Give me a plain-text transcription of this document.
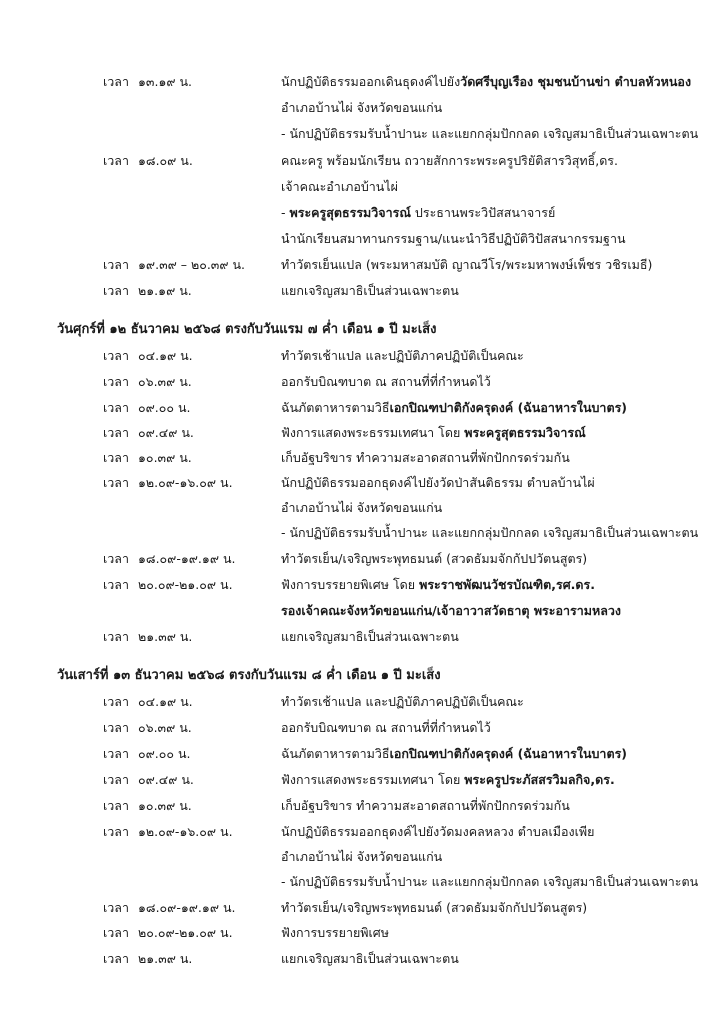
เวลา ๑๓.๑๙ น.	นักปฏิบัติธรรมออกเดินธุดงค์ไปยังวัดศรีบุญเรือง ชุมชนบ้านข่า ตำบลหัวหนอง
อำเภอบ้านไผ่ จังหวัดขอนแก่น
- นักปฏิบัติธรรมรับน้ำปานะ และแยกกลุ่มปักกลด เจริญสมาธิเป็นส่วนเฉพาะตน
เวลา ๑๘.๐๙ น.	คณะครู พร้อมนักเรียน ถวายสักการะพระครูปริยัติสารวิสุทธิ์,ดร.
เจ้าคณะอำเภอบ้านไผ่
- พระครูสุตธรรมวิจารณ์ ประธานพระวิปัสสนาจารย์
นำนักเรียนสมาทานกรรมฐาน/แนะนำวิธีปฏิบัติวิปัสสนากรรมฐาน
เวลา ๑๙.๓๙ – ๒๐.๓๙ น.	ทำวัตรเย็นแปล (พระมหาสมบัติ ญาณวีโร/พระมหาพงษ์เพ็ชร วชิรเมธี)
เวลา ๒๑.๑๙ น.	แยกเจริญสมาธิเป็นส่วนเฉพาะตน
วันศุกร์ที่ ๑๒ ธันวาคม ๒๕๖๘ ตรงกับวันแรม ๗ ค่ำ เดือน ๑ ปี มะเส็ง
เวลา ๐๔.๑๙ น.	ทำวัตรเช้าแปล และปฏิบัติภาคปฏิบัติเป็นคณะ
เวลา ๐๖.๓๙ น.	ออกรับบิณฑบาต ณ สถานที่ที่กำหนดไว้
เวลา ๐๙.๐๐ น.	ฉันภัตตาหารตามวิธีเอกปิณฑปาติกังครุดงค์ (ฉันอาหารในบาตร)
เวลา ๐๙.๔๙ น.	ฟังการแสดงพระธรรมเทศนา โดย พระครูสุตธรรมวิจารณ์
เวลา ๑๐.๓๙ น.	เก็บอัฐบริขาร ทำความสะอาดสถานที่พักปักกรดร่วมกัน
เวลา ๑๒.๐๙-๑๖.๐๙ น.	นักปฏิบัติธรรมออกธุดงค์ไปยังวัดป่าสันติธรรม ตำบลบ้านไผ่
อำเภอบ้านไผ่ จังหวัดขอนแก่น
- นักปฏิบัติธรรมรับน้ำปานะ และแยกกลุ่มปักกลด เจริญสมาธิเป็นส่วนเฉพาะตน
เวลา ๑๘.๐๙-๑๙.๑๙ น.	ทำวัตรเย็น/เจริญพระพุทธมนต์ (สวดธัมมจักกัปปวัตนสูตร)
เวลา ๒๐.๐๙-๒๑.๐๙ น.	ฟังการบรรยายพิเศษ โดย พระราชพัฒนวัชรบัณฑิต,รศ.ดร.
รองเจ้าคณะจังหวัดขอนแก่น/เจ้าอาวาสวัดธาตุ พระอารามหลวง
เวลา ๒๑.๓๙ น.	แยกเจริญสมาธิเป็นส่วนเฉพาะตน
วันเสาร์ที่ ๑๓ ธันวาคม ๒๕๖๘ ตรงกับวันแรม ๘ ค่ำ เดือน ๑ ปี มะเส็ง
เวลา ๐๔.๑๙ น.	ทำวัตรเช้าแปล และปฏิบัติภาคปฏิบัติเป็นคณะ
เวลา ๐๖.๓๙ น.	ออกรับบิณฑบาต ณ สถานที่ที่กำหนดไว้
เวลา ๐๙.๐๐ น.	ฉันภัตตาหารตามวิธีเอกปิณฑปาติกังครุดงค์ (ฉันอาหารในบาตร)
เวลา ๐๙.๔๙ น.	ฟังการแสดงพระธรรมเทศนา โดย พระครูประภัสสรวิมลกิจ,ดร.
เวลา ๑๐.๓๙ น.	เก็บอัฐบริขาร ทำความสะอาดสถานที่พักปักกรดร่วมกัน
เวลา ๑๒.๐๙-๑๖.๐๙ น.	นักปฏิบัติธรรมออกธุดงค์ไปยังวัดมงคลหลวง ตำบลเมืองเพีย
อำเภอบ้านไผ่ จังหวัดขอนแก่น
- นักปฏิบัติธรรมรับน้ำปานะ และแยกกลุ่มปักกลด เจริญสมาธิเป็นส่วนเฉพาะตน
เวลา ๑๘.๐๙-๑๙.๑๙ น.	ทำวัตรเย็น/เจริญพระพุทธมนต์ (สวดธัมมจักกัปปวัตนสูตร)
เวลา ๒๐.๐๙-๒๑.๐๙ น.	ฟังการบรรยายพิเศษ
เวลา ๒๑.๓๙ น.	แยกเจริญสมาธิเป็นส่วนเฉพาะตน
